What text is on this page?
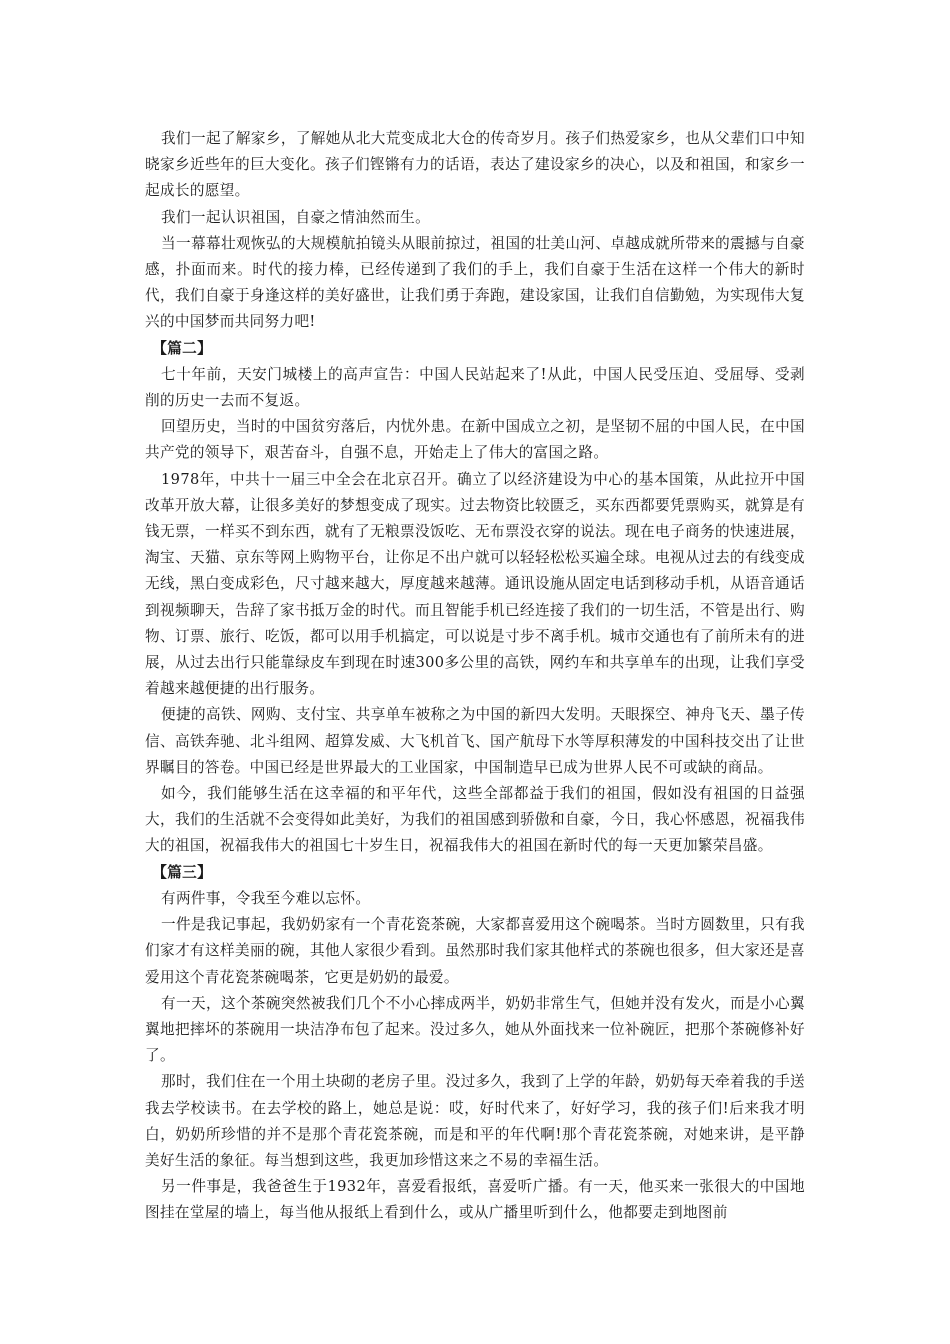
我们一起了解家乡，了解她从北大荒变成北大仓的传奇岁月。孩子们热爱家乡，也从父辈们口中知晓家乡近些年的巨大变化。孩子们铿锵有力的话语，表达了建设家乡的决心，以及和祖国，和家乡一起成长的愿望。

我们一起认识祖国，自豪之情油然而生。

当一幕幕壮观恢弘的大规模航拍镜头从眼前掠过，祖国的壮美山河、卓越成就所带来的震撼与自豪感，扑面而来。时代的接力棒，已经传递到了我们的手上，我们自豪于生活在这样一个伟大的新时代，我们自豪于身逢这样的美好盛世，让我们勇于奔跑，建设家国，让我们自信勤勉，为实现伟大复兴的中国梦而共同努力吧!

【篇二】

七十年前，天安门城楼上的高声宣告：中国人民站起来了!从此，中国人民受压迫、受屈辱、受剥削的历史一去而不复返。

回望历史，当时的中国贫穷落后，内忧外患。在新中国成立之初，是坚韧不屈的中国人民，在中国共产党的领导下，艰苦奋斗，自强不息，开始走上了伟大的富国之路。

1978年，中共十一届三中全会在北京召开。确立了以经济建设为中心的基本国策，从此拉开中国改革开放大幕，让很多美好的梦想变成了现实。过去物资比较匮乏，买东西都要凭票购买，就算是有钱无票，一样买不到东西，就有了无粮票没饭吃、无布票没衣穿的说法。现在电子商务的快速进展，淘宝、天猫、京东等网上购物平台，让你足不出户就可以轻轻松松买遍全球。电视从过去的有线变成无线，黑白变成彩色，尺寸越来越大，厚度越来越薄。通讯设施从固定电话到移动手机，从语音通话到视频聊天，告辞了家书抵万金的时代。而且智能手机已经连接了我们的一切生活，不管是出行、购物、订票、旅行、吃饭，都可以用手机搞定，可以说是寸步不离手机。城市交通也有了前所未有的进展，从过去出行只能靠绿皮车到现在时速300多公里的高铁，网约车和共享单车的出现，让我们享受着越来越便捷的出行服务。

便捷的高铁、网购、支付宝、共享单车被称之为中国的新四大发明。天眼探空、神舟飞天、墨子传信、高铁奔驰、北斗组网、超算发威、大飞机首飞、国产航母下水等厚积薄发的中国科技交出了让世界瞩目的答卷。中国已经是世界最大的工业国家，中国制造早已成为世界人民不可或缺的商品。

如今，我们能够生活在这幸福的和平年代，这些全部都益于我们的祖国，假如没有祖国的日益强大，我们的生活就不会变得如此美好，为我们的祖国感到骄傲和自豪，今日，我心怀感恩，祝福我伟大的祖国，祝福我伟大的祖国七十岁生日，祝福我伟大的祖国在新时代的每一天更加繁荣昌盛。

【篇三】

有两件事，令我至今难以忘怀。

一件是我记事起，我奶奶家有一个青花瓷茶碗，大家都喜爱用这个碗喝茶。当时方圆数里，只有我们家才有这样美丽的碗，其他人家很少看到。虽然那时我们家其他样式的茶碗也很多，但大家还是喜爱用这个青花瓷茶碗喝茶，它更是奶奶的最爱。

有一天，这个茶碗突然被我们几个不小心摔成两半，奶奶非常生气，但她并没有发火，而是小心翼翼地把摔坏的茶碗用一块洁净布包了起来。没过多久，她从外面找来一位补碗匠，把那个茶碗修补好了。

那时，我们住在一个用土块砌的老房子里。没过多久，我到了上学的年龄，奶奶每天牵着我的手送我去学校读书。在去学校的路上，她总是说：哎，好时代来了，好好学习，我的孩子们!后来我才明白，奶奶所珍惜的并不是那个青花瓷茶碗，而是和平的年代啊!那个青花瓷茶碗，对她来讲，是平静美好生活的象征。每当想到这些，我更加珍惜这来之不易的幸福生活。

另一件事是，我爸爸生于1932年，喜爱看报纸，喜爱听广播。有一天，他买来一张很大的中国地图挂在堂屋的墙上，每当他从报纸上看到什么，或从广播里听到什么，他都要走到地图前
